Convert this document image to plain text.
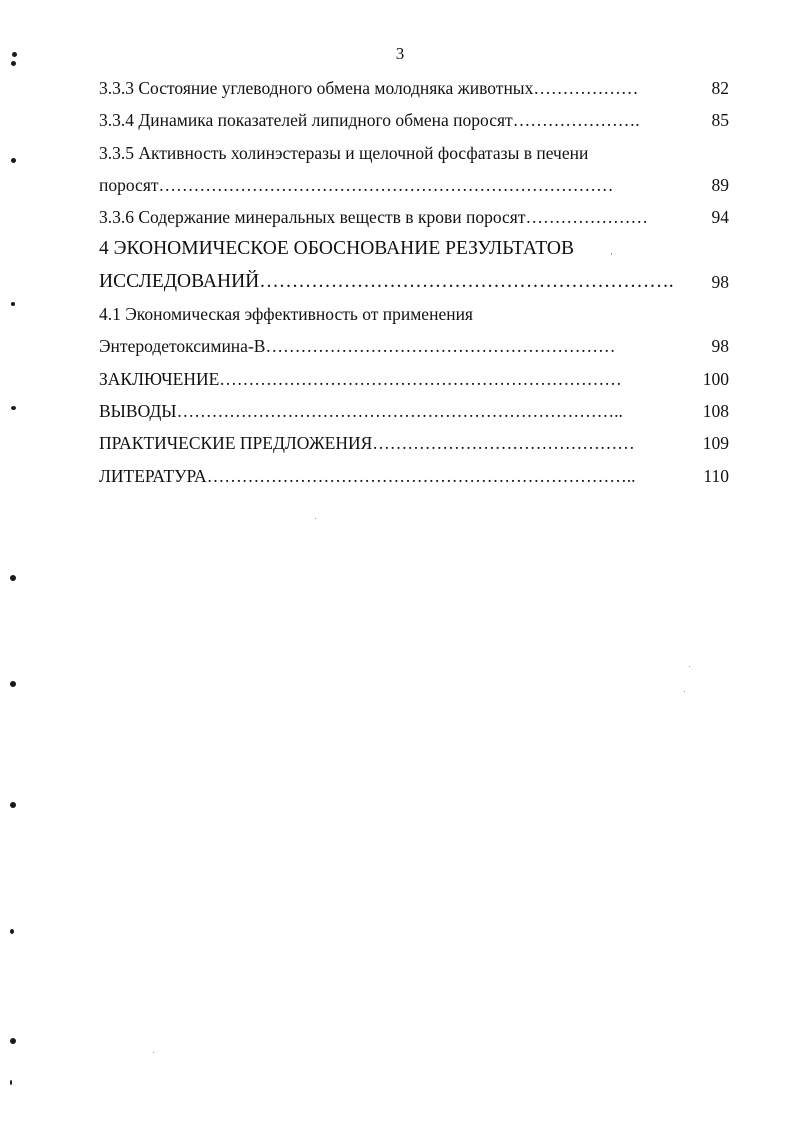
3
3.3.3 Состояние углеводного обмена молодняка животных………………	82
3.3.4 Динамика показателей липидного обмена поросят………………….	85
3.3.5 Активность холинэстеразы и щелочной фосфатазы в печени
поросят……………………………………………………………………	89
3.3.6 Содержание минеральных веществ в крови поросят…………………	94
4 ЭКОНОМИЧЕСКОЕ ОБОСНОВАНИЕ РЕЗУЛЬТАТОВ
ИССЛЕДОВАНИЙ………………………………………………………. 98
4.1 Экономическая эффективность от применения
Энтеродетоксимина-В……………………………………………………	98
ЗАКЛЮЧЕНИЕ……………………………………………………………	100
ВЫВОДЫ…………………………………………………………………..	108
ПРАКТИЧЕСКИЕ ПРЕДЛОЖЕНИЯ………………………………………	109
ЛИТЕРАТУРА………………………………………………………………..	110
